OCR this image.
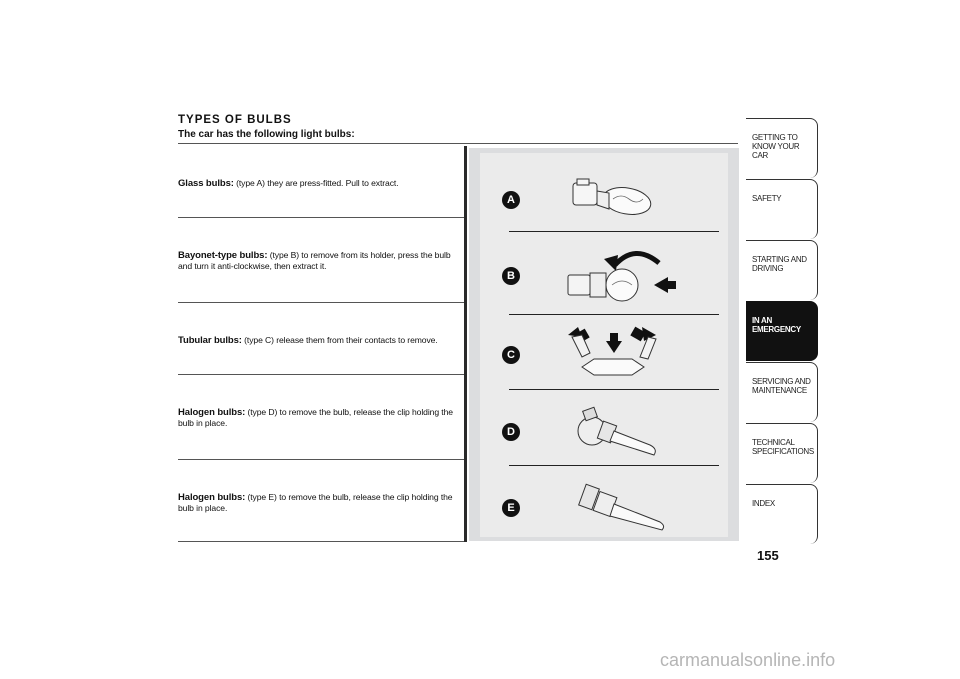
TYPES OF BULBS
The car has the following light bulbs:
Glass bulbs: (type A) they are press-fitted. Pull to extract.
Bayonet-type bulbs: (type B) to remove from its holder, press the bulb and turn it anti-clockwise, then extract it.
Tubular bulbs: (type C) release them from their contacts to remove.
Halogen bulbs: (type D) to remove the bulb, release the clip holding the bulb in place.
Halogen bulbs: (type E) to remove the bulb, release the clip holding the bulb in place.
A
B
C
D
E
GETTING TO KNOW YOUR CAR
SAFETY
STARTING AND DRIVING
IN AN EMERGENCY
SERVICING AND MAINTENANCE
TECHNICAL SPECIFICATIONS
INDEX
155
carmanualsonline.info
